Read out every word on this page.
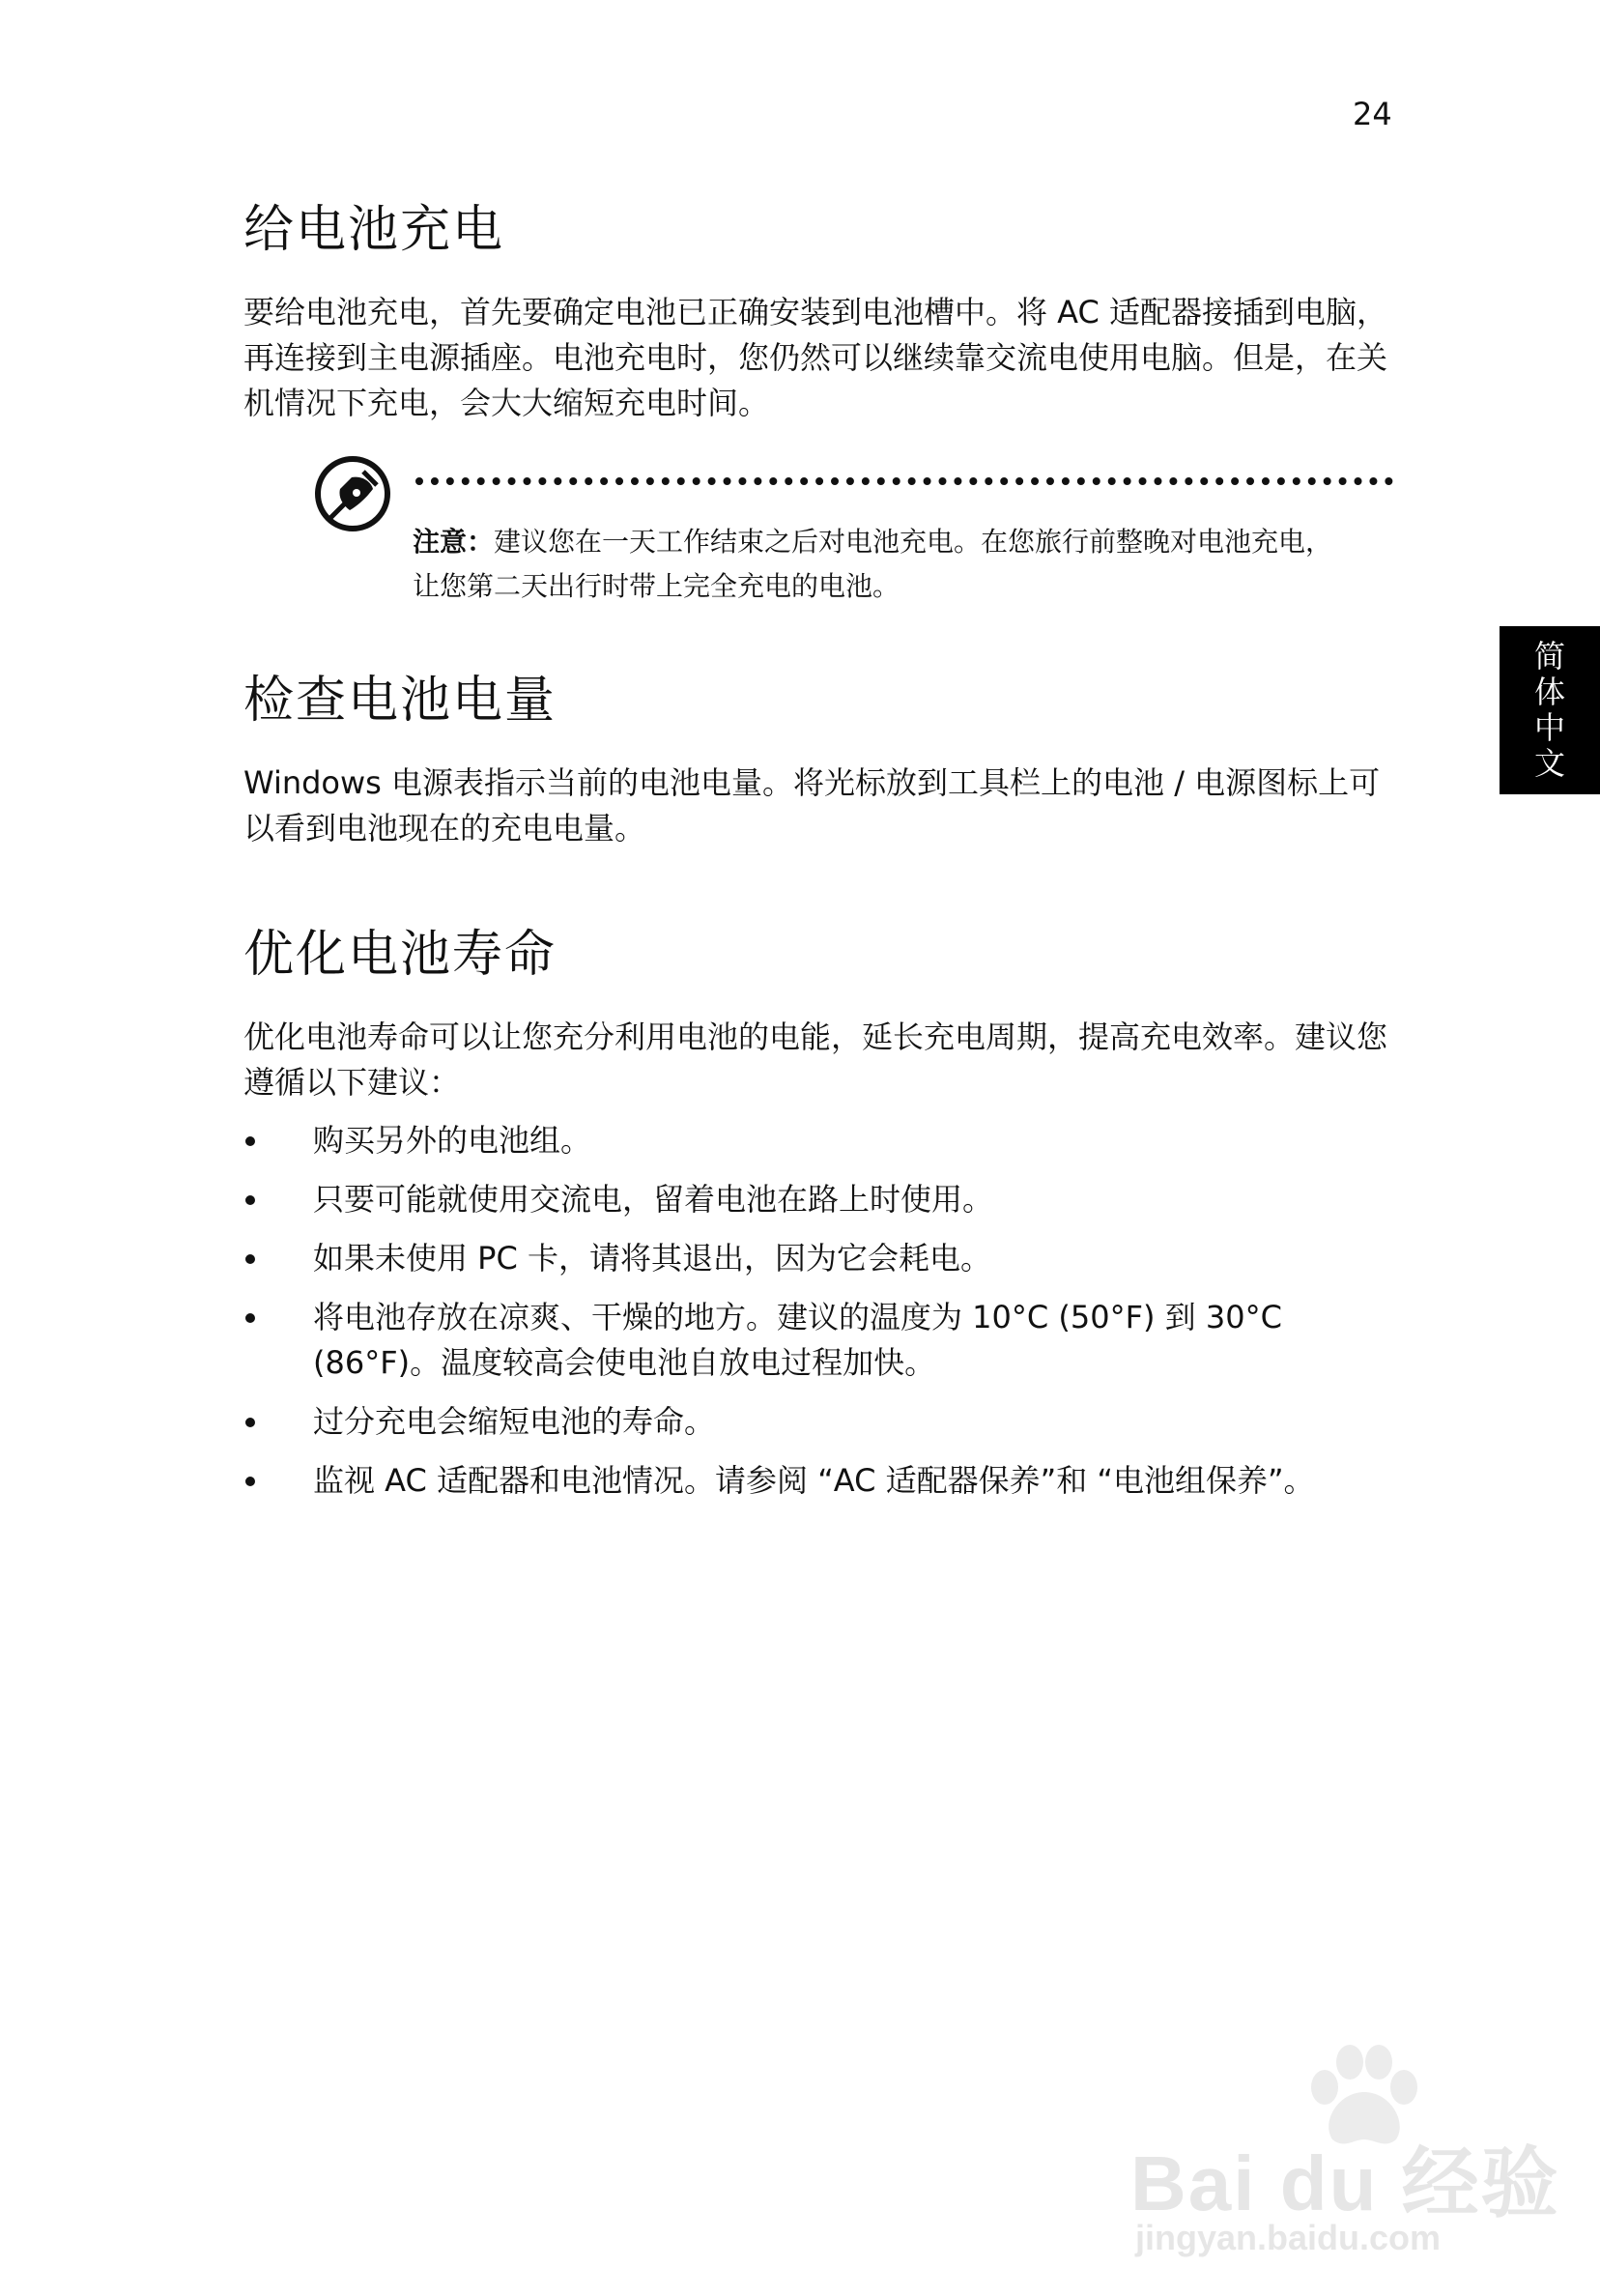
24
简
体
中
文
给电池充电

要给电池充电，首先要确定电池已正确安装到电池槽中。将 AC 适配器接插到电脑，再连接到主电源插座。电池充电时，您仍然可以继续靠交流电使用电脑。但是，在关机情况下充电，会大大缩短充电时间。

注意：建议您在一天工作结束之后对电池充电。在您旅行前整晚对电池充电，让您第二天出行时带上完全充电的电池。

检查电池电量

Windows 电源表指示当前的电池电量。将光标放到工具栏上的电池 / 电源图标上可以看到电池现在的充电电量。

优化电池寿命

优化电池寿命可以让您充分利用电池的电能，延长充电周期，提高充电效率。建议您遵循以下建议：

购买另外的电池组。
只要可能就使用交流电，留着电池在路上时使用。
如果未使用 PC 卡，请将其退出，因为它会耗电。
将电池存放在凉爽、干燥的地方。建议的温度为 10°C (50°F) 到 30°C (86°F)。温度较高会使电池自放电过程加快。
过分充电会缩短电池的寿命。
监视 AC 适配器和电池情况。请参阅 “AC 适配器保养”和 “电池组保养”。
Bai du 经验
jingyan.baidu.com
